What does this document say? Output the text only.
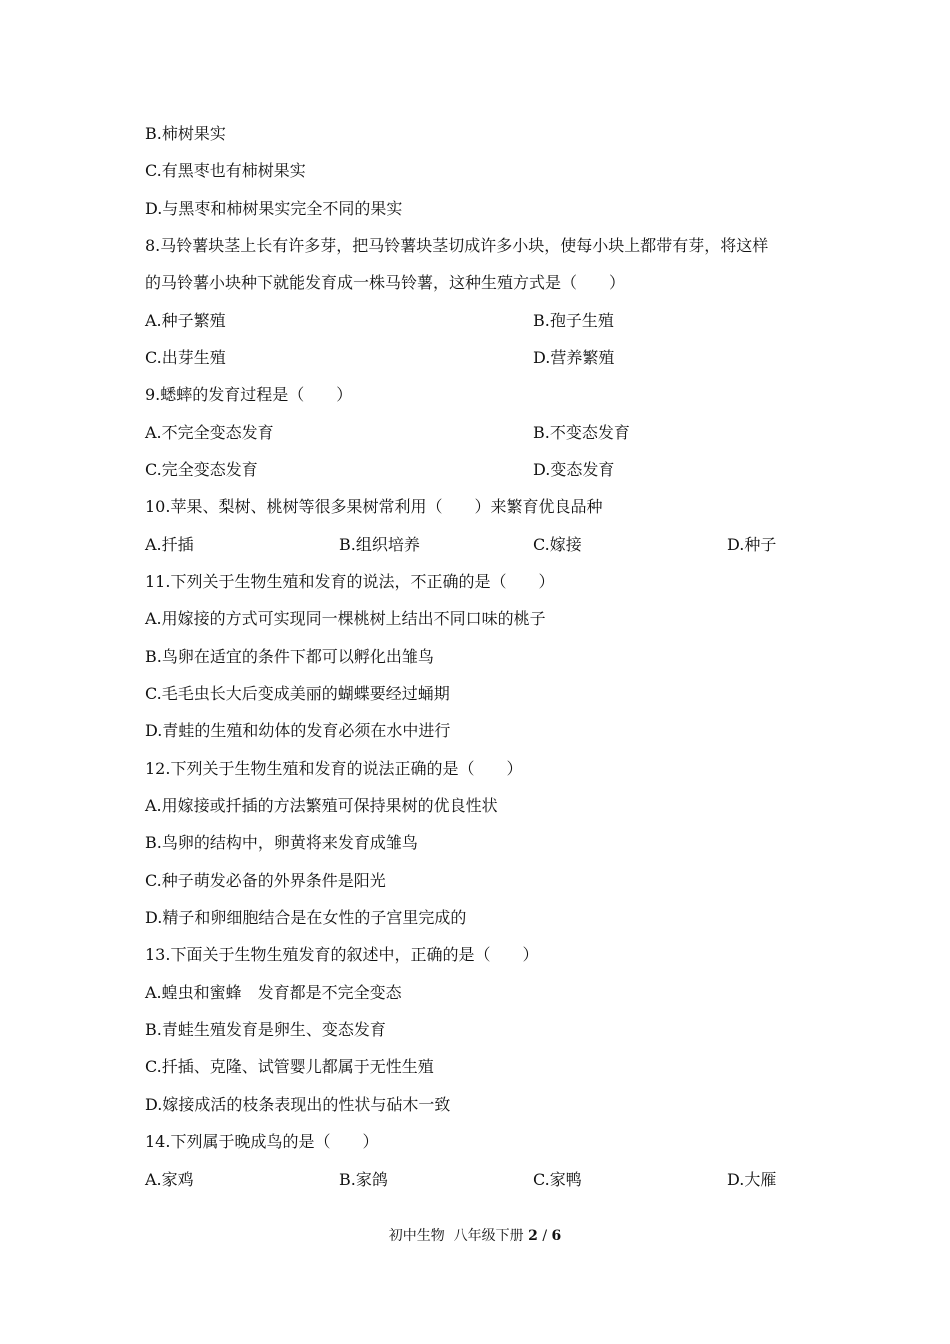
B.柿树果实
C.有黑枣也有柿树果实
D.与黑枣和柿树果实完全不同的果实
8.马铃薯块茎上长有许多芽，把马铃薯块茎切成许多小块，使每小块上都带有芽，将这样
的马铃薯小块种下就能发育成一株马铃薯，这种生殖方式是（　　）
A.种子繁殖	B.孢子生殖
C.出芽生殖	D.营养繁殖
9.蟋蟀的发育过程是（　　）
A.不完全变态发育	B.不变态发育
C.完全变态发育	D.变态发育
10.苹果、梨树、桃树等很多果树常利用（　　）来繁育优良品种
A.扦插	B.组织培养	C.嫁接	D.种子
11.下列关于生物生殖和发育的说法，不正确的是（　　）
A.用嫁接的方式可实现同一棵桃树上结出不同口味的桃子
B.鸟卵在适宜的条件下都可以孵化出雏鸟
C.毛毛虫长大后变成美丽的蝴蝶要经过蛹期
D.青蛙的生殖和幼体的发育必须在水中进行
12.下列关于生物生殖和发育的说法正确的是（　　）
A.用嫁接或扦插的方法繁殖可保持果树的优良性状
B.鸟卵的结构中，卵黄将来发育成雏鸟
C.种子萌发必备的外界条件是阳光
D.精子和卵细胞结合是在女性的子宫里完成的
13.下面关于生物生殖发育的叙述中，正确的是（　　）
A.蝗虫和蜜蜂　发育都是不完全变态
B.青蛙生殖发育是卵生、变态发育
C.扦插、克隆、试管婴儿都属于无性生殖
D.嫁接成活的枝条表现出的性状与砧木一致
14.下列属于晚成鸟的是（　　）
A.家鸡	B.家鸽	C.家鸭	D.大雁
初中生物 八年级下册 2 / 6
